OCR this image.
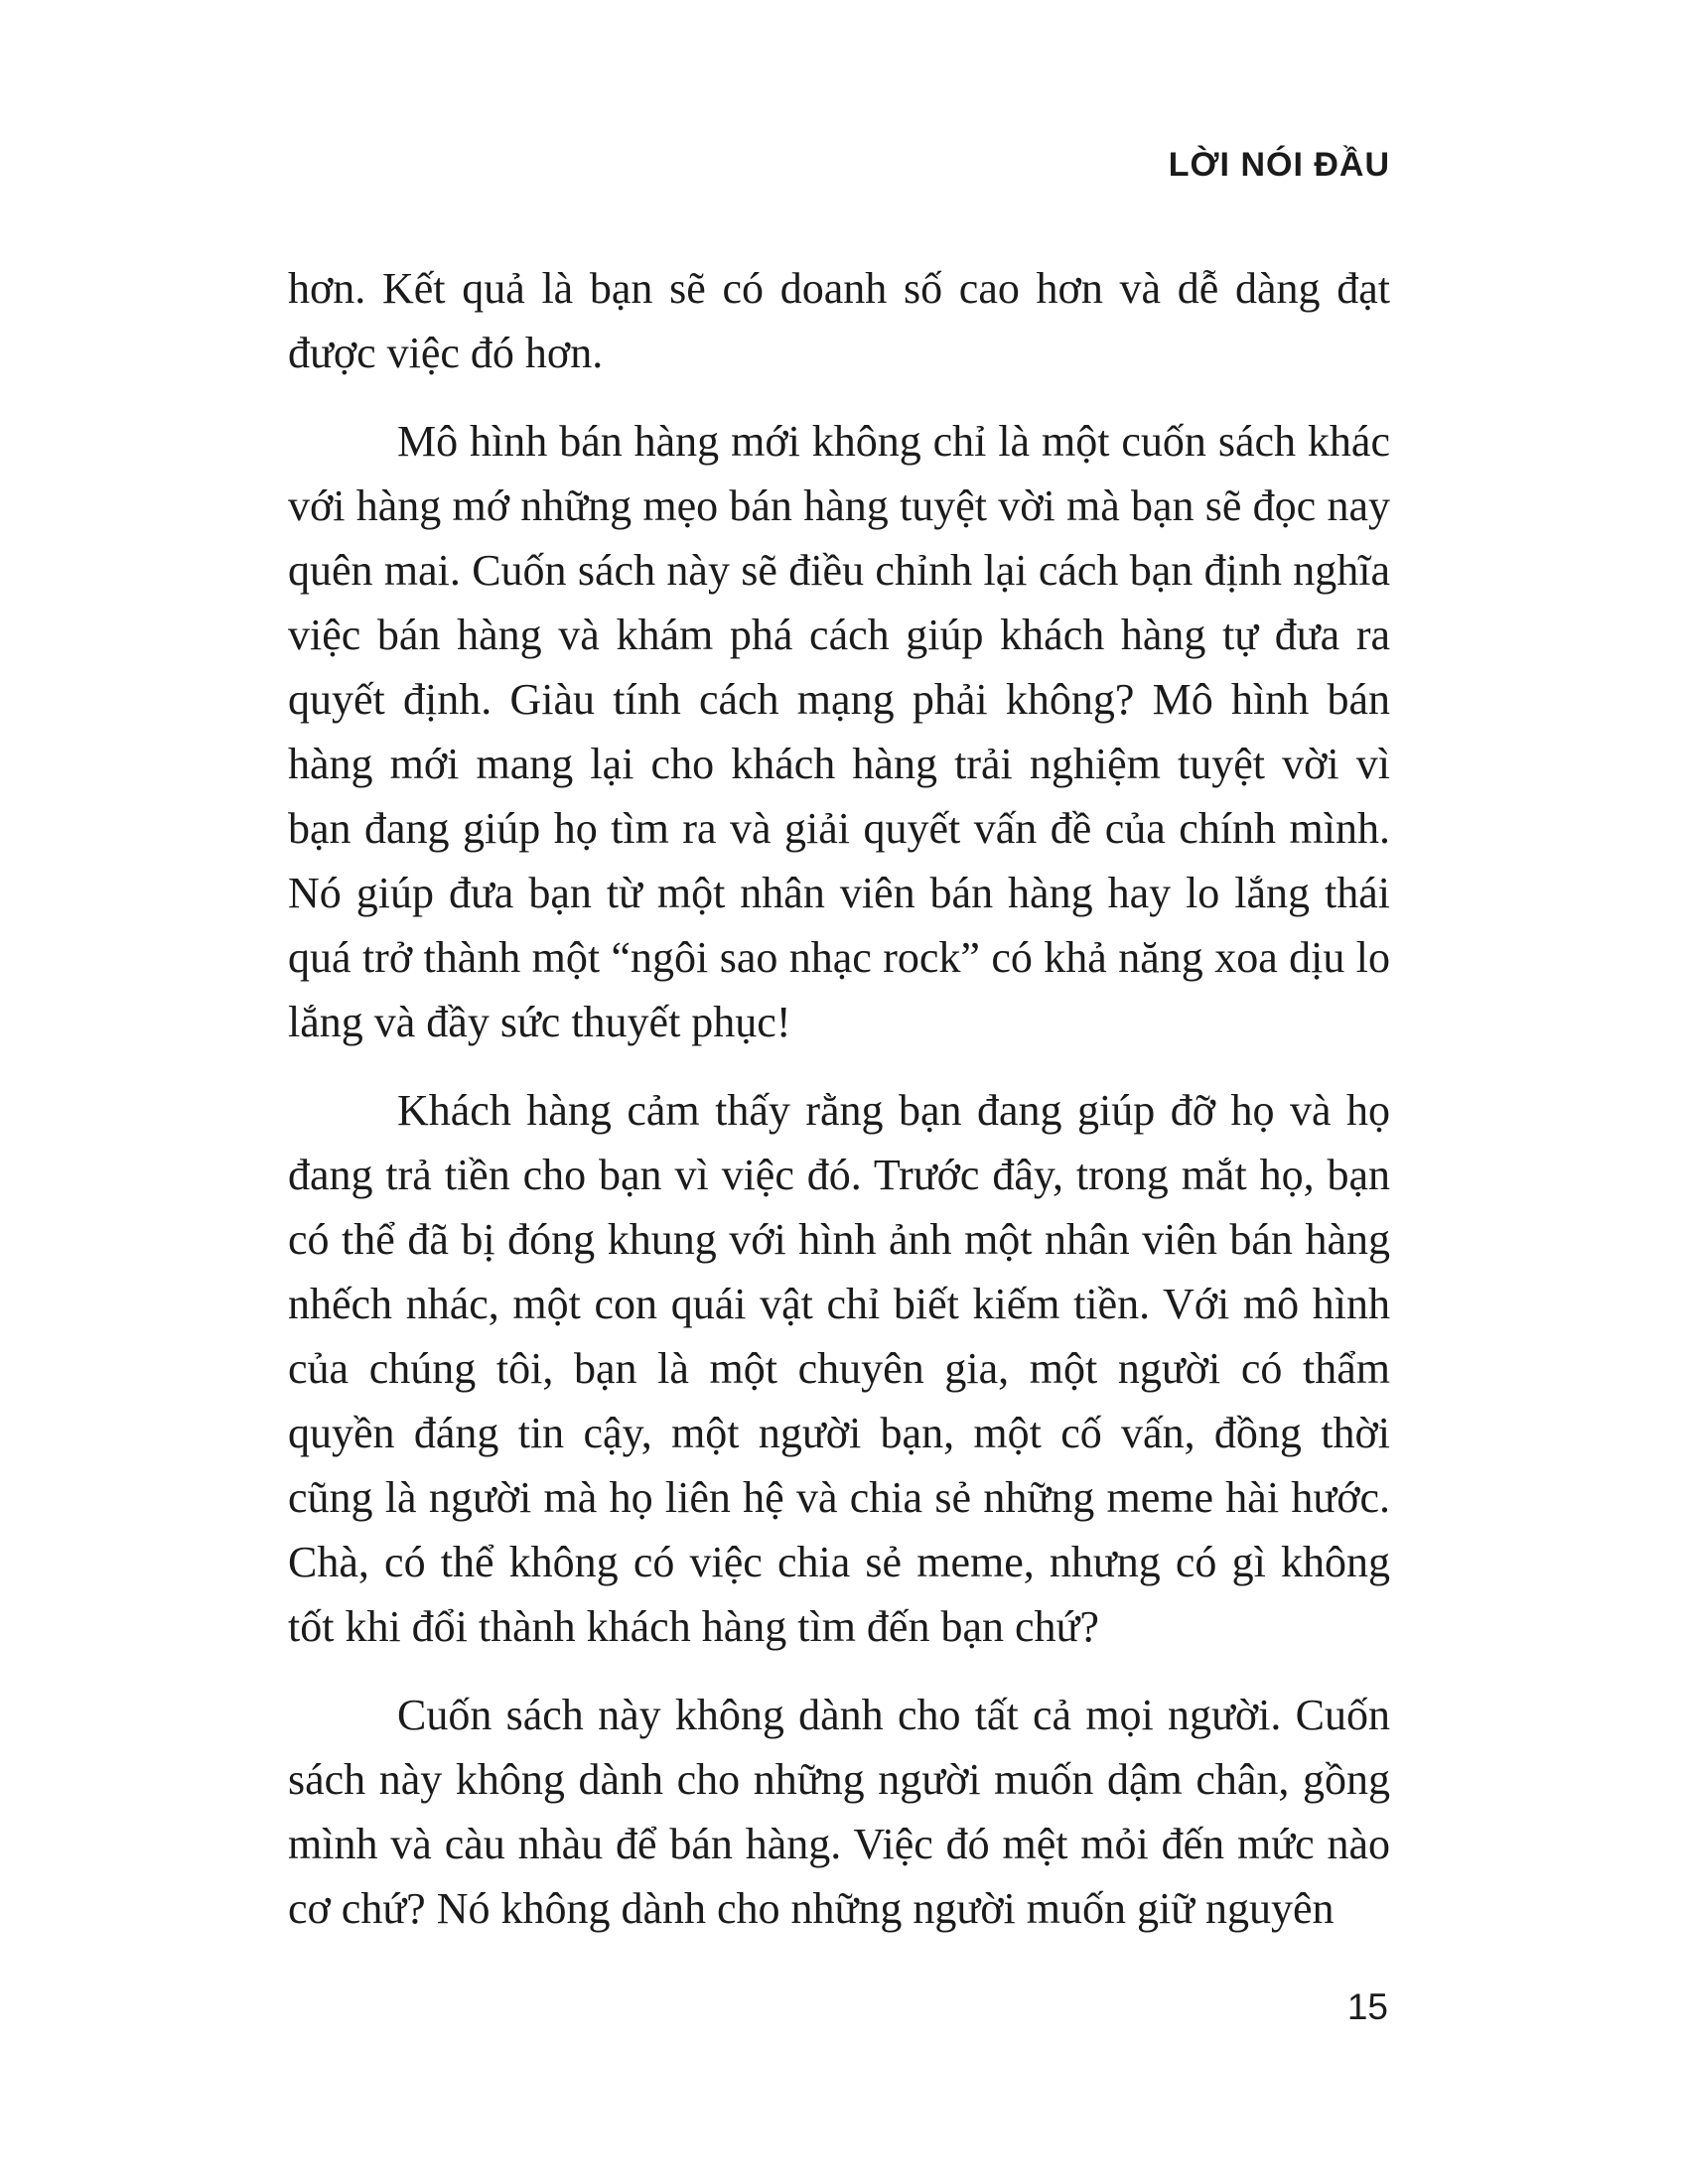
LỜI NÓI ĐẦU

hơn. Kết quả là bạn sẽ có doanh số cao hơn và dễ dàng đạt được việc đó hơn.

Mô hình bán hàng mới không chỉ là một cuốn sách khác với hàng mớ những mẹo bán hàng tuyệt vời mà bạn sẽ đọc nay quên mai. Cuốn sách này sẽ điều chỉnh lại cách bạn định nghĩa việc bán hàng và khám phá cách giúp khách hàng tự đưa ra quyết định. Giàu tính cách mạng phải không? Mô hình bán hàng mới mang lại cho khách hàng trải nghiệm tuyệt vời vì bạn đang giúp họ tìm ra và giải quyết vấn đề của chính mình. Nó giúp đưa bạn từ một nhân viên bán hàng hay lo lắng thái quá trở thành một “ngôi sao nhạc rock” có khả năng xoa dịu lo lắng và đầy sức thuyết phục!

Khách hàng cảm thấy rằng bạn đang giúp đỡ họ và họ đang trả tiền cho bạn vì việc đó. Trước đây, trong mắt họ, bạn có thể đã bị đóng khung với hình ảnh một nhân viên bán hàng nhếch nhác, một con quái vật chỉ biết kiếm tiền. Với mô hình của chúng tôi, bạn là một chuyên gia, một người có thẩm quyền đáng tin cậy, một người bạn, một cố vấn, đồng thời cũng là người mà họ liên hệ và chia sẻ những meme hài hước. Chà, có thể không có việc chia sẻ meme, nhưng có gì không tốt khi đổi thành khách hàng tìm đến bạn chứ?

Cuốn sách này không dành cho tất cả mọi người. Cuốn sách này không dành cho những người muốn dậm chân, gồng mình và càu nhàu để bán hàng. Việc đó mệt mỏi đến mức nào cơ chứ? Nó không dành cho những người muốn giữ nguyên

15
